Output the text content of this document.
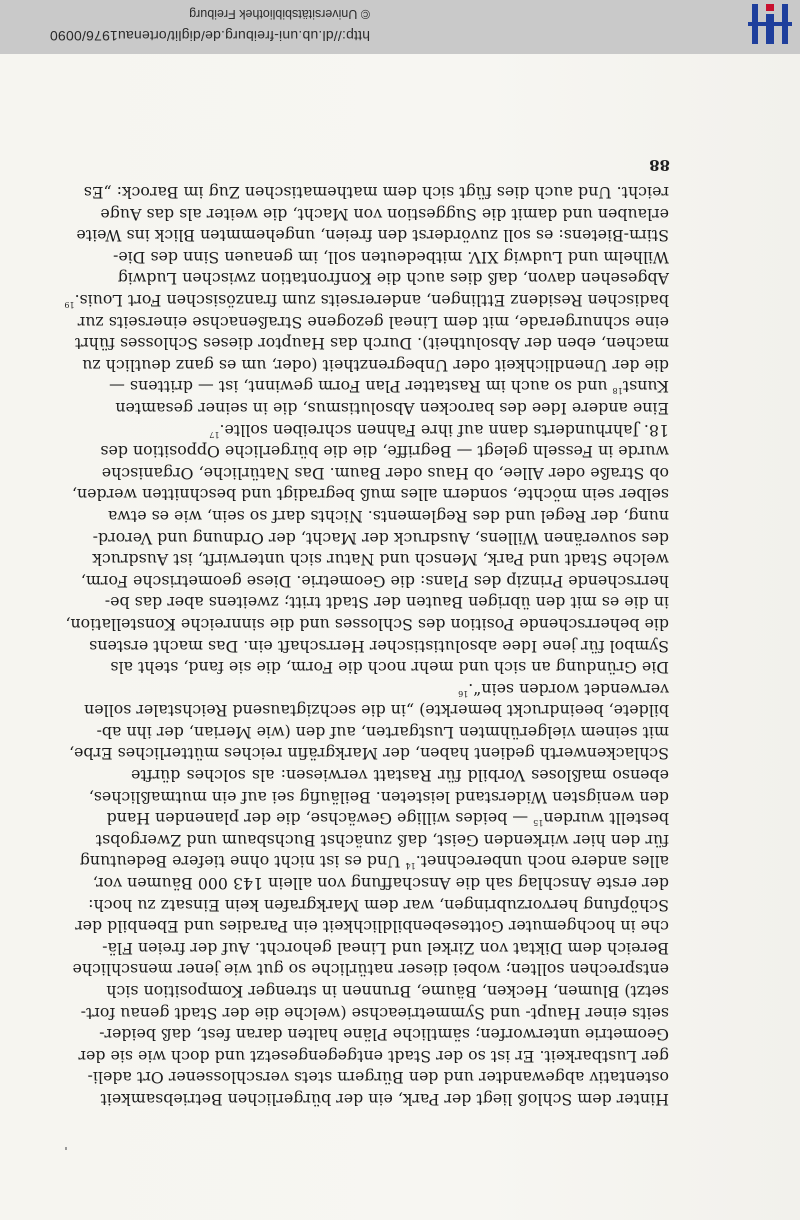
Hinter dem Schloß liegt der Park, ein der bürgerlichen Betriebsamkeit
ostentativ abgewandter und den Bürgern stets verschlossener Ort adeli-
ger Lustbarkeit. Er ist so der Stadt entgegengesetzt und doch wie sie der
Geometrie unterworfen; sämtliche Pläne halten daran fest, daß beider-
seits einer Haupt- und Symmetrieachse (welche die der Stadt genau fort-
setzt) Blumen, Hecken, Bäume, Brunnen in strenger Komposition sich
entsprechen sollten; wobei dieser natürliche so gut wie jener menschliche
Bereich dem Diktat von Zirkel und Lineal gehorcht. Auf der freien Flä-
che in hochgemuter Gottesebenbildlichkeit ein Paradies und Ebenbild der
Schöpfung hervorzubringen, war dem Markgrafen kein Einsatz zu hoch:
der erste Anschlag sah die Anschaffung von allein 143 000 Bäumen vor,
alles andere noch unberechnet.$^{14}$ Und es ist nicht ohne tiefere Bedeutung
für den hier wirkenden Geist, daß zunächst Buchsbaum und Zwergobst
bestellt wurden$^{15}$ — beides willige Gewächse, die der planenden Hand
den wenigsten Widerstand leisteten. Beiläufig sei auf ein mutmaßliches,
ebenso maßloses Vorbild für Rastatt verwiesen: als solches dürfte
Schlackenwerth gedient haben, der Markgräfin reiches mütterliches Erbe,
mit seinem vielgerühmten Lustgarten, auf den (wie Merian, der ihn ab-
bildete, beeindruckt bemerkte) „in die sechzigtausend Reichstaler sollen
verwendet worden sein“.$^{16}$

Die Gründung an sich und mehr noch die Form, die sie fand, steht als
Symbol für jene Idee absolutistischer Herrschaft ein. Das macht erstens
die beherrschende Position des Schlosses und die sinnreiche Konstellation,
in die es mit den übrigen Bauten der Stadt tritt; zweitens aber das be-
herrschende Prinzip des Plans: die Geometrie. Diese geometrische Form,
welche Stadt und Park, Mensch und Natur sich unterwirft, ist Ausdruck
des souveränen Willens, Ausdruck der Macht, der Ordnung und Verord-
nung, der Regel und des Reglements. Nichts darf so sein, wie es etwa
selber sein möchte, sondern alles muß begradigt und beschnitten werden,
ob Straße oder Allee, ob Haus oder Baum. Das Natürliche, Organische
wurde in Fesseln gelegt — Begriffe, die die bürgerliche Opposition des
18. Jahrhunderts dann auf ihre Fahnen schreiben sollte.$^{17}$

Eine andere Idee des barocken Absolutismus, die in seiner gesamten
Kunst$^{18}$ und so auch im Rastatter Plan Form gewinnt, ist — drittens —
die der Unendlichkeit oder Unbegrenztheit (oder, um es ganz deutlich zu
machen, eben der Absolutheit). Durch das Hauptor dieses Schlosses führt
eine schnurgerade, mit dem Lineal gezogene Straßenachse einerseits zur
badischen Residenz Ettlingen, andererseits zum französischen Fort Louis.$^{19}$
Abgesehen davon, daß dies auch die Konfrontation zwischen Ludwig
Wilhelm und Ludwig XIV. mitbedeuten soll, im genauen Sinn des Die-
Stirn-Bietens: es soll zuvörderst den freien, ungehemmten Blick ins Weite
erlauben und damit die Suggestion von Macht, die weiter als das Auge
reicht. Und auch dies fügt sich dem mathematischen Zug im Barock: „Es

88
http://dl.ub.uni-freiburg.de/diglit/ortenau1976/0090
© Universitätsbibliothek Freiburg
